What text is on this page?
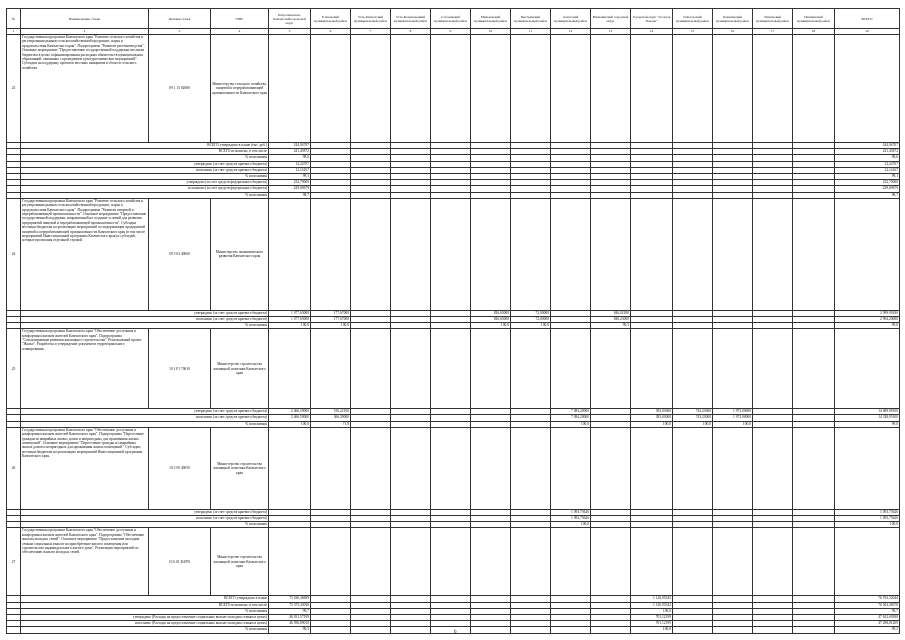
№	Наименование статьи	Целевая статья	ГРБС	Петропавловск-Камчатский городской округ	Елизовский муниципальный район	Усть-Камчатский муниципальный район	Усть-Большерецкий муниципальный район	Соболевский муниципальный район	Мильковский муниципальный район	Быстринский муниципальный район	Алеутский муниципальный район	Вилючинский городской округ	Городской округ "поселок Палана"	Олюторский муниципальный район	Карагинский муниципальный район	Тигильский муниципальный район	Пенжинский муниципальный район	ВСЕГО
1	2	3	4	5	6	7	8	9	10	11	12	13	14	15	16	17	18	19
23	Государственная программа Камчатского края "Развитие сельского хозяйства и регулирования рынков сельскохозяйственной продукции, сырья и продовольствия Камчатского края". Подпрограмма "Развитие растениеводства". Основное мероприятие "Предоставление государственной поддержки местным бюджетам в целях софинансирования расходных обязательств муниципальных образований, связанных с проведением культуртехнических мероприятий". Субсидии на поддержку проектов местных инициатив в области сельского хозяйства.	09 1 13 02680	Министерство сельского хозяйства, пищевой и перерабатывающей промышленности Камчатского края															
	ВСЕГО утверждено в плане (тыс. руб.)			244,94707														244,94707
	ВСЕГО исполнено, в том числе			241,43872														241,43872
	% исполнения			98,6														98,6
	утверждено (за счет средств краевого бюджета)			12,24707														12,24707
	исполнено (за счет средств краевого бюджета)			12,14167														12,14167
	% исполнения			99,1														99,1
	утверждено (за счет средств федерального бюджета)			232,70000														232,70000
	исполнено (за счет средств федерального бюджета)			229,69679														229,69679
	% исполнения			98,7														98,7
24	Государственная программа Камчатского края "Развитие сельского хозяйства и регулирования рынков сельскохозяйственной продукции, сырья и продовольствия Камчатского края". Подпрограмма "Развитие пищевой и перерабатывающей промышленности". Основное мероприятие "Предоставление государственной поддержки, направленной на создание условий для развития предприятий пищевой и перерабатывающей промышленности". Субсидии местным бюджетам на реализацию мероприятий по модернизации предприятий пищевой и перерабатывающей промышленности Камчатского края (в том числе мероприятий Инвестиционной программы Камчатского края) и субсидий, которые прописаны отдельной строкой.	09 3 03 40060	Министерство экономического развития Камчатского края															
	утверждено (за счет средств краевого бюджета)			1 077,65000	177,67000				826,65000	72,00000		846,02180						2 999,99180
	исполнено (за счет средств краевого бюджета)			1 077,65000	177,67000				826,65000	72,00000		840,23000						2 994,20000
	% исполнения			100,0	100,0				100,0	100,0		99,3						99,8
25	Государственная программа Камчатского края "Обеспечение доступным и комфортным жильем жителей Камчатского края". Подпрограмма "Стимулирование развития жилищного строительства". Региональный проект "Жилье". Разработка и утверждение документов территориального планирования.	10 1 F1 70610	Министерство строительства жилищной политики Камчатского края															
	утверждено (за счет средств краевого бюджета)			2 466,50000	510,22100						7 084,20000		383,03000	743,23000	1 973,00000			14 089,99100
	исполнено (за счет средств краевого бюджета)			2 466,50000	366,39000						7 084,20000		383,03000	743,23000	1 973,00000			14 328,95100
	% исполнения			100,0	71,8						100,0		100,0	100,0	100,0			99,0
26	Государственная программа Камчатского края "Обеспечение доступным и комфортным жильем жителей Камчатского края". Подпрограмма "Переселение граждан из аварийных жилых домов и непригодных для проживания жилых помещений". Основное мероприятие "Переселение граждан из аварийных жилых домов и непригодных для проживания жилых помещений". Субсидии местным бюджетам на реализацию мероприятий Инвестиционной программы Камчатского края.	10 5 00 40050	Министерство строительства жилищной политики Камчатского края															
	утверждено (за счет средств краевого бюджета)										1 093,75626							1 093,75626
	исполнено (за счет средств краевого бюджета)										1 093,75626							1 093,75626
	% исполнения										100,0							100,0
27	Государственная программа Камчатского края "Обеспечение доступным и комфортным жильем жителей Камчатского края". Подпрограмма "Обеспечение жильем молодых семей". Основное мероприятие "Предоставление молодым семьям социальных выплат на приобретение жилого помещения или строительство индивидуального жилого дома". Реализация мероприятий по обеспечению жильем молодых семей.	10 6 01 R4970	Министерство строительства жилищной политики Камчатского края															
	ВСЕГО утверждено в плане			75 636,36699									1 126,95345					76 763,32044
	ВСЕГО исполнено, в том числе			75 375,43036									1 126,95342					76 502,38378
	% исполнения			99,7									100,0					99,7
	утверждено (Расходы на предоставление социальных выплат молодым семьям в целях)			46 931,57199									701,12199					47 632,69398
	исполнено (Расходы на предоставление социальных выплат молодым семьям в целях)			46 596,89010									701,12199					47 298,01209
	% исполнения			99,3									100,0					99,3
6
